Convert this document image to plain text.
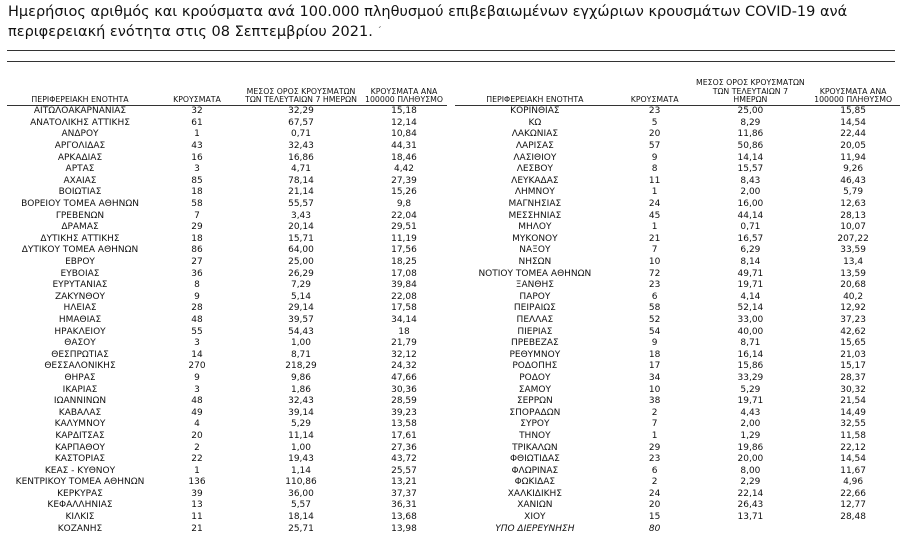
Ημερήσιος αριθμός και κρούσματα ανά 100.000 πληθυσμού επιβεβαιωμένων εγχώριων κρουσμάτων COVID-19 ανά περιφερειακή ενότητα στις 08 Σεπτεμβρίου 2021. ´
ΠΕΡΙΦΕΡΕΙΑΚΗ ΕΝΟΤΗΤΑ	ΚΡΟΥΣΜΑΤΑ	ΜΕΣΟΣ ΟΡΟΣ ΚΡΟΥΣΜΑΤΩΝ ΤΩΝ ΤΕΛΕΥΤΑΙΩΝ 7 ΗΜΕΡΩΝ	ΚΡΟΥΣΜΑΤΑ ΑΝΑ 100000 ΠΛΗΘΥΣΜΟ
ΑΙΤΩΛΟΑΚΑΡΝΑΝΙΑΣ	32	32,29	15,18
ΑΝΑΤΟΛΙΚΗΣ ΑΤΤΙΚΗΣ	61	67,57	12,14
ΑΝΔΡΟΥ	1	0,71	10,84
ΑΡΓΟΛΙΔΑΣ	43	32,43	44,31
ΑΡΚΑΔΙΑΣ	16	16,86	18,46
ΑΡΤΑΣ	3	4,71	4,42
ΑΧΑΪΑΣ	85	78,14	27,39
ΒΟΙΩΤΙΑΣ	18	21,14	15,26
ΒΟΡΕΙΟΥ ΤΟΜΕΑ ΑΘΗΝΩΝ	58	55,57	9,8
ΓΡΕΒΕΝΩΝ	7	3,43	22,04
ΔΡΑΜΑΣ	29	20,14	29,51
ΔΥΤΙΚΗΣ ΑΤΤΙΚΗΣ	18	15,71	11,19
ΔΥΤΙΚΟΥ ΤΟΜΕΑ ΑΘΗΝΩΝ	86	64,00	17,56
ΕΒΡΟΥ	27	25,00	18,25
ΕΥΒΟΙΑΣ	36	26,29	17,08
ΕΥΡΥΤΑΝΙΑΣ	8	7,29	39,84
ΖΑΚΥΝΘΟΥ	9	5,14	22,08
ΗΛΕΙΑΣ	28	29,14	17,58
ΗΜΑΘΙΑΣ	48	39,57	34,14
ΗΡΑΚΛΕΙΟΥ	55	54,43	18
ΘΑΣΟΥ	3	1,00	21,79
ΘΕΣΠΡΩΤΙΑΣ	14	8,71	32,12
ΘΕΣΣΑΛΟΝΙΚΗΣ	270	218,29	24,32
ΘΗΡΑΣ	9	9,86	47,66
ΙΚΑΡΙΑΣ	3	1,86	30,36
ΙΩΑΝΝΙΝΩΝ	48	32,43	28,59
ΚΑΒΑΛΑΣ	49	39,14	39,23
ΚΑΛΥΜΝΟΥ	4	5,29	13,58
ΚΑΡΔΙΤΣΑΣ	20	11,14	17,61
ΚΑΡΠΑΘΟΥ	2	1,00	27,36
ΚΑΣΤΟΡΙΑΣ	22	19,43	43,72
ΚΕΑΣ - ΚΥΘΝΟΥ	1	1,14	25,57
ΚΕΝΤΡΙΚΟΥ ΤΟΜΕΑ ΑΘΗΝΩΝ	136	110,86	13,21
ΚΕΡΚΥΡΑΣ	39	36,00	37,37
ΚΕΦΑΛΛΗΝΙΑΣ	13	5,57	36,31
ΚΙΛΚΙΣ	11	18,14	13,68
ΚΟΖΑΝΗΣ	21	25,71	13,98
ΠΕΡΙΦΕΡΕΙΑΚΗ ΕΝΟΤΗΤΑ	ΚΡΟΥΣΜΑΤΑ	ΜΕΣΟΣ ΟΡΟΣ ΚΡΟΥΣΜΑΤΩΝ ΤΩΝ ΤΕΛΕΥΤΑΙΩΝ 7 ΗΜΕΡΩΝ	ΚΡΟΥΣΜΑΤΑ ΑΝΑ 100000 ΠΛΗΘΥΣΜΟ
ΚΟΡΙΝΘΙΑΣ	23	25,00	15,85
ΚΩ	5	8,29	14,54
ΛΑΚΩΝΙΑΣ	20	11,86	22,44
ΛΑΡΙΣΑΣ	57	50,86	20,05
ΛΑΣΙΘΙΟΥ	9	14,14	11,94
ΛΕΣΒΟΥ	8	15,57	9,26
ΛΕΥΚΑΔΑΣ	11	8,43	46,43
ΛΗΜΝΟΥ	1	2,00	5,79
ΜΑΓΝΗΣΙΑΣ	24	16,00	12,63
ΜΕΣΣΗΝΙΑΣ	45	44,14	28,13
ΜΗΛΟΥ	1	0,71	10,07
ΜΥΚΟΝΟΥ	21	16,57	207,22
ΝΑΞΟΥ	7	6,29	33,59
ΝΗΣΩΝ	10	8,14	13,4
ΝΟΤΙΟΥ ΤΟΜΕΑ ΑΘΗΝΩΝ	72	49,71	13,59
ΞΑΝΘΗΣ	23	19,71	20,68
ΠΑΡΟΥ	6	4,14	40,2
ΠΕΙΡΑΙΩΣ	58	52,14	12,92
ΠΕΛΛΑΣ	52	33,00	37,23
ΠΙΕΡΙΑΣ	54	40,00	42,62
ΠΡΕΒΕΖΑΣ	9	8,71	15,65
ΡΕΘΥΜΝΟΥ	18	16,14	21,03
ΡΟΔΟΠΗΣ	17	15,86	15,17
ΡΟΔΟΥ	34	33,29	28,37
ΣΑΜΟΥ	10	5,29	30,32
ΣΕΡΡΩΝ	38	19,71	21,54
ΣΠΟΡΑΔΩΝ	2	4,43	14,49
ΣΥΡΟΥ	7	2,00	32,55
ΤΗΝΟΥ	1	1,29	11,58
ΤΡΙΚΑΛΩΝ	29	19,86	22,12
ΦΘΙΩΤΙΔΑΣ	23	20,00	14,54
ΦΛΩΡΙΝΑΣ	6	8,00	11,67
ΦΩΚΙΔΑΣ	2	2,29	4,96
ΧΑΛΚΙΔΙΚΗΣ	24	22,14	22,66
ΧΑΝΙΩΝ	20	26,43	12,77
ΧΙΟΥ	15	13,71	28,48
ΥΠΟ ΔΙΕΡΕΥΝΗΣΗ	80		
